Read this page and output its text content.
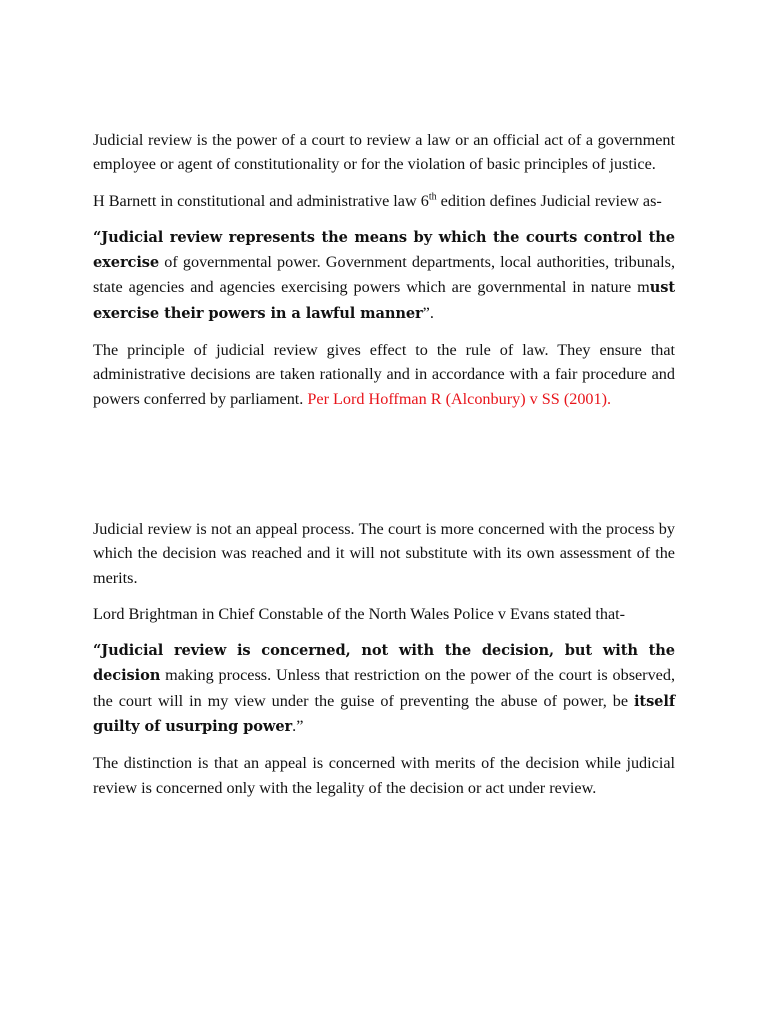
Judicial review is the power of a court to review a law or an official act of a government employee or agent of constitutionality or for the violation of basic principles of justice.

H Barnett in constitutional and administrative law 6th edition defines Judicial review as-

“Judicial review represents the means by which the courts control the exercise of governmental power. Government departments, local authorities, tribunals, state agencies and agencies exercising powers which are governmental in nature must exercise their powers in a lawful manner”.

The principle of judicial review gives effect to the rule of law. They ensure that administrative decisions are taken rationally and in accordance with a fair procedure and powers conferred by parliament. Per Lord Hoffman R (Alconbury) v SS (2001).

Judicial review is not an appeal process. The court is more concerned with the process by which the decision was reached and it will not substitute with its own assessment of the merits.

Lord Brightman in Chief Constable of the North Wales Police v Evans stated that-

“Judicial review is concerned, not with the decision, but with the decision making process. Unless that restriction on the power of the court is observed, the court will in my view under the guise of preventing the abuse of power, be itself guilty of usurping power.”

The distinction is that an appeal is concerned with merits of the decision while judicial review is concerned only with the legality of the decision or act under review.
